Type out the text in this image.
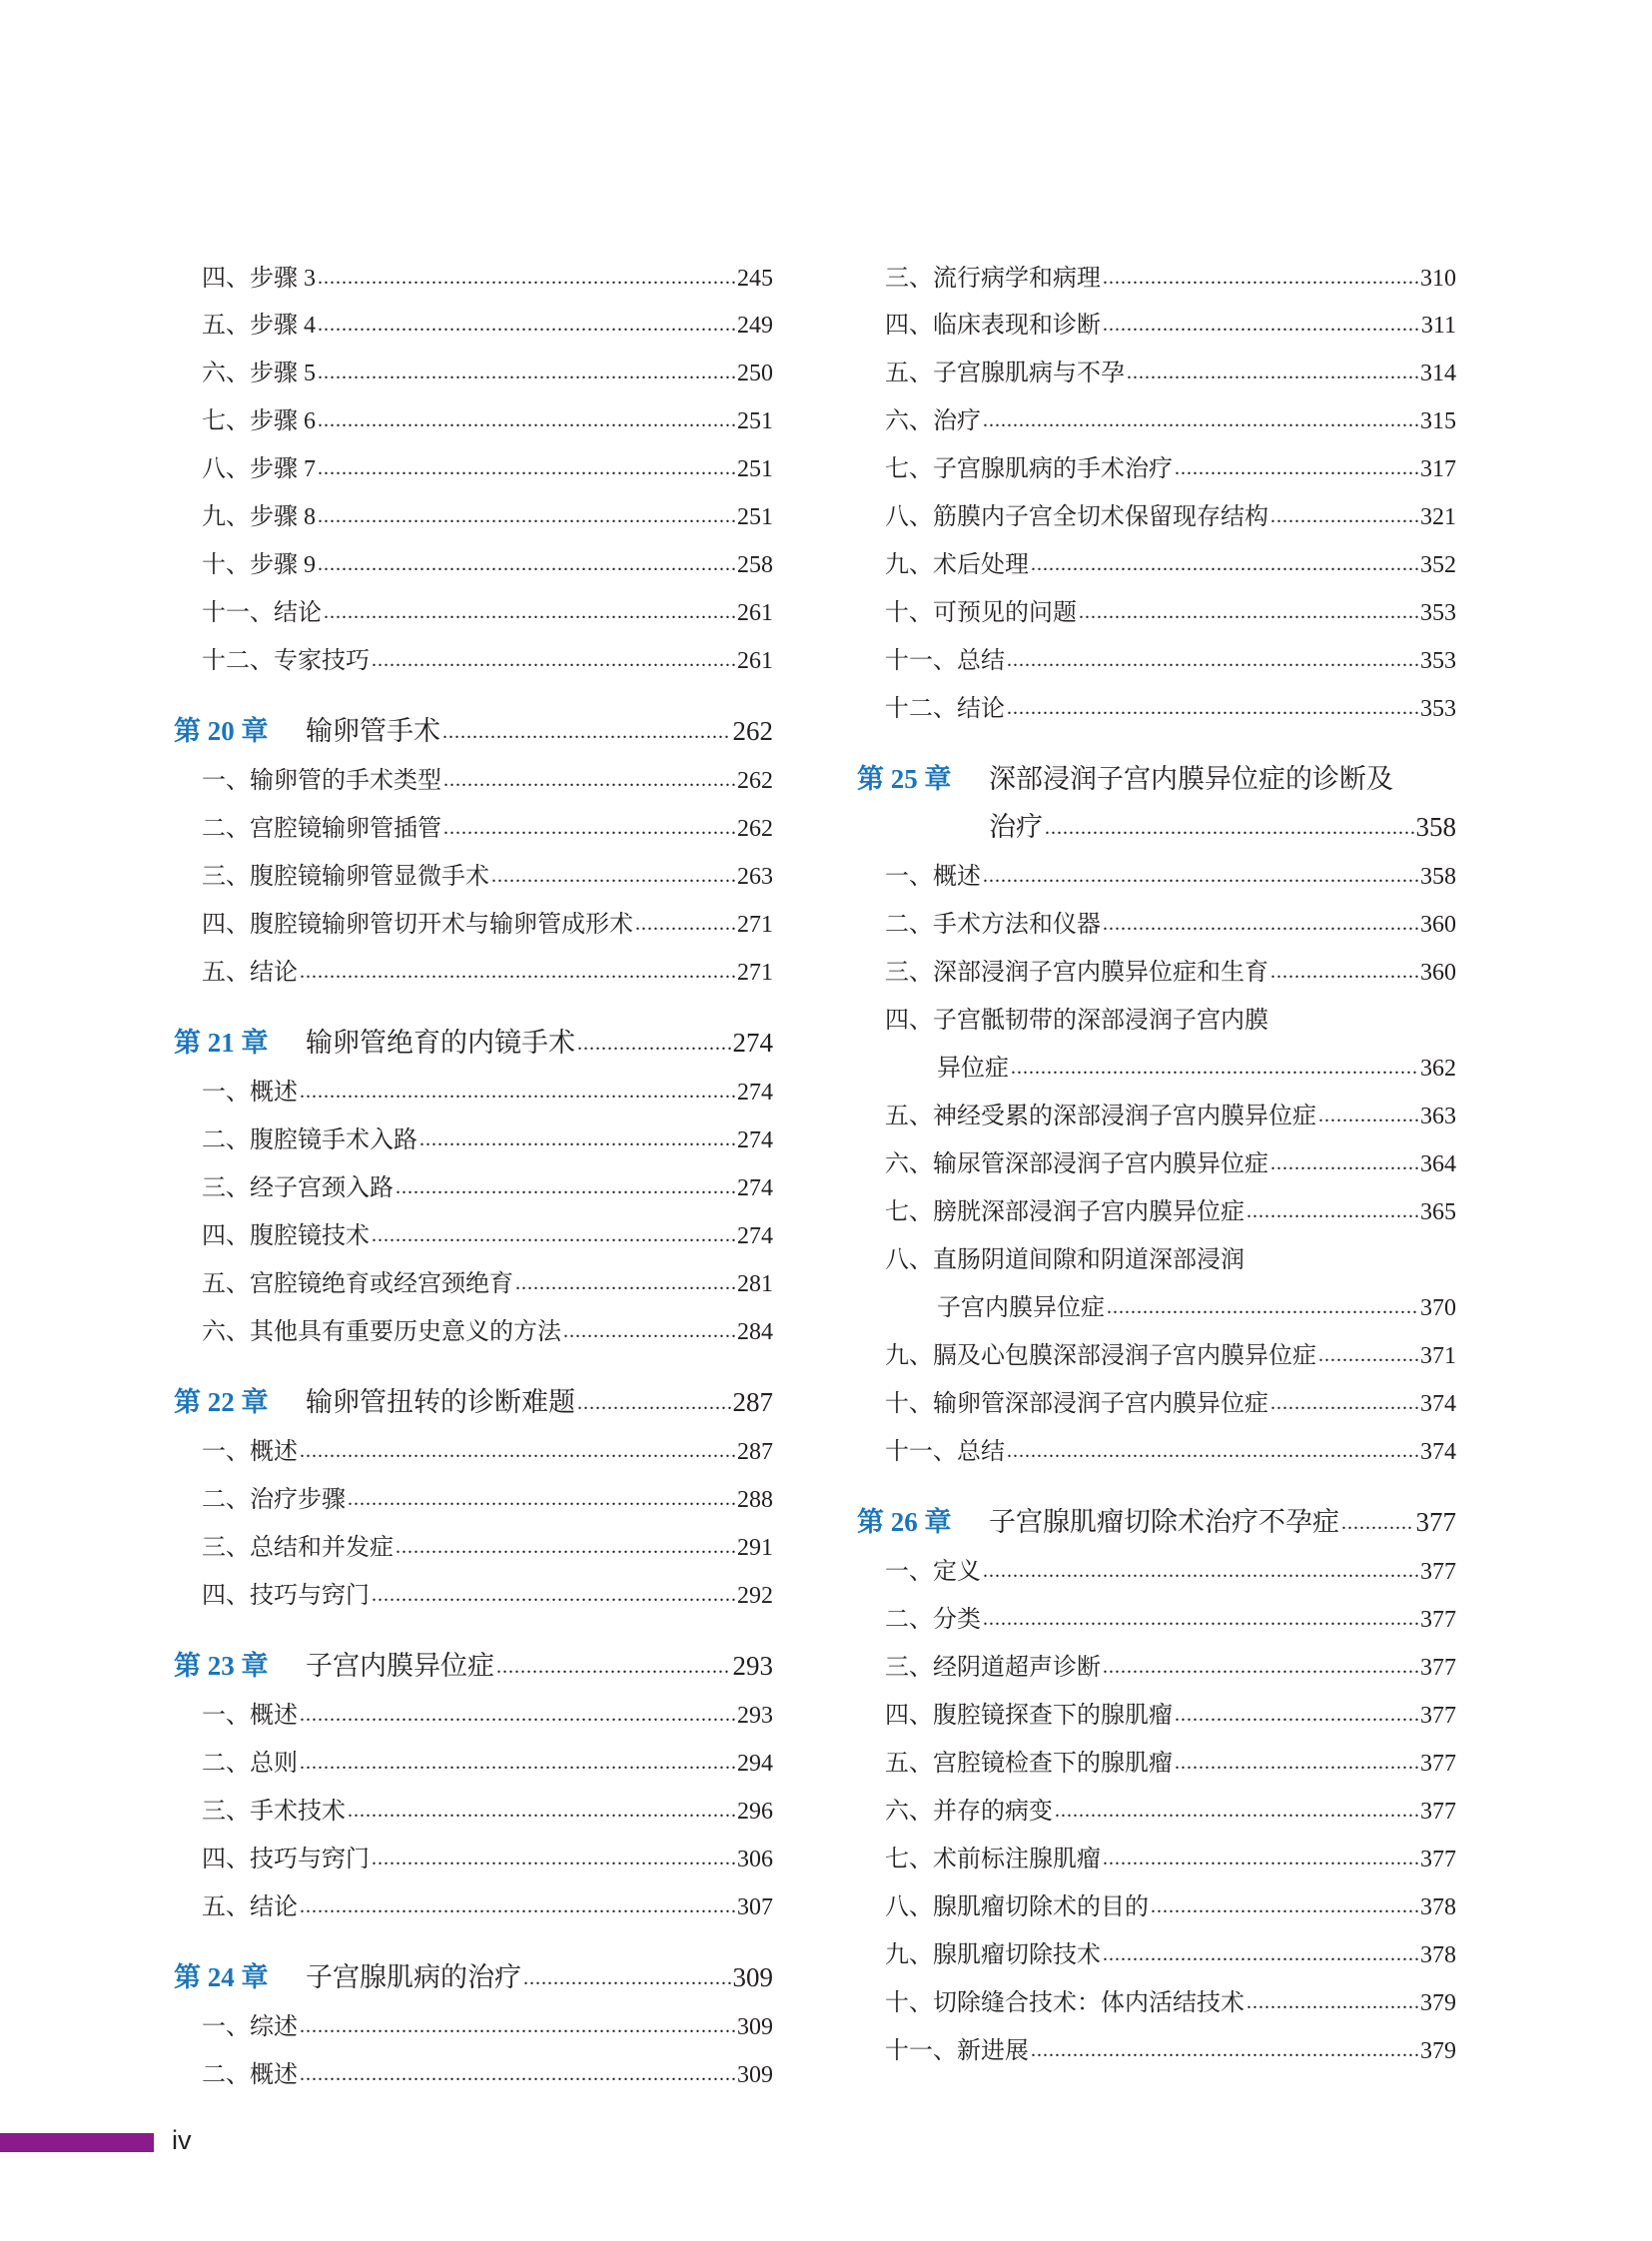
四、步骤 3 .....	245
五、步骤 4 .....	249
六、步骤 5 .....	250
七、步骤 6 .....	251
八、步骤 7 .....	251
九、步骤 8 .....	251
十、步骤 9 .....	258
十一、结论 .....	261
十二、专家技巧 .....	261
第 20 章	输卵管手术 .....	262
一、输卵管的手术类型 .....	262
二、宫腔镜输卵管插管 .....	262
三、腹腔镜输卵管显微手术 .....	263
四、腹腔镜输卵管切开术与输卵管成形术 .....	271
五、结论 .....	271
第 21 章	输卵管绝育的内镜手术 .....	274
一、概述 .....	274
二、腹腔镜手术入路 .....	274
三、经子宫颈入路 .....	274
四、腹腔镜技术 .....	274
五、宫腔镜绝育或经宫颈绝育 .....	281
六、其他具有重要历史意义的方法 .....	284
第 22 章	输卵管扭转的诊断难题 .....	287
一、概述 .....	287
二、治疗步骤 .....	288
三、总结和并发症 .....	291
四、技巧与窍门 .....	292
第 23 章	子宫内膜异位症 .....	293
一、概述 .....	293
二、总则 .....	294
三、手术技术 .....	296
四、技巧与窍门 .....	306
五、结论 .....	307
第 24 章	子宫腺肌病的治疗 .....	309
一、综述 .....	309
二、概述 .....	309
三、流行病学和病理 .....	310
四、临床表现和诊断 .....	311
五、子宫腺肌病与不孕 .....	314
六、治疗 .....	315
七、子宫腺肌病的手术治疗 .....	317
八、筋膜内子宫全切术保留现存结构 .....	321
九、术后处理 .....	352
十、可预见的问题 .....	353
十一、总结 .....	353
十二、结论 .....	353
第 25 章	深部浸润子宫内膜异位症的诊断及
治疗 .....	358
一、概述 .....	358
二、手术方法和仪器 .....	360
三、深部浸润子宫内膜异位症和生育 .....	360
四、子宫骶韧带的深部浸润子宫内膜
异位症 .....	362
五、神经受累的深部浸润子宫内膜异位症 .....	363
六、输尿管深部浸润子宫内膜异位症 .....	364
七、膀胱深部浸润子宫内膜异位症 .....	365
八、直肠阴道间隙和阴道深部浸润
子宫内膜异位症 .....	370
九、膈及心包膜深部浸润子宫内膜异位症 .....	371
十、输卵管深部浸润子宫内膜异位症 .....	374
十一、总结 .....	374
第 26 章	子宫腺肌瘤切除术治疗不孕症 .....	377
一、定义 .....	377
二、分类 .....	377
三、经阴道超声诊断 .....	377
四、腹腔镜探查下的腺肌瘤 .....	377
五、宫腔镜检查下的腺肌瘤 .....	377
六、并存的病变 .....	377
七、术前标注腺肌瘤 .....	377
八、腺肌瘤切除术的目的 .....	378
九、腺肌瘤切除技术 .....	378
十、切除缝合技术：体内活结技术 .....	379
十一、新进展 .....	379
iv
